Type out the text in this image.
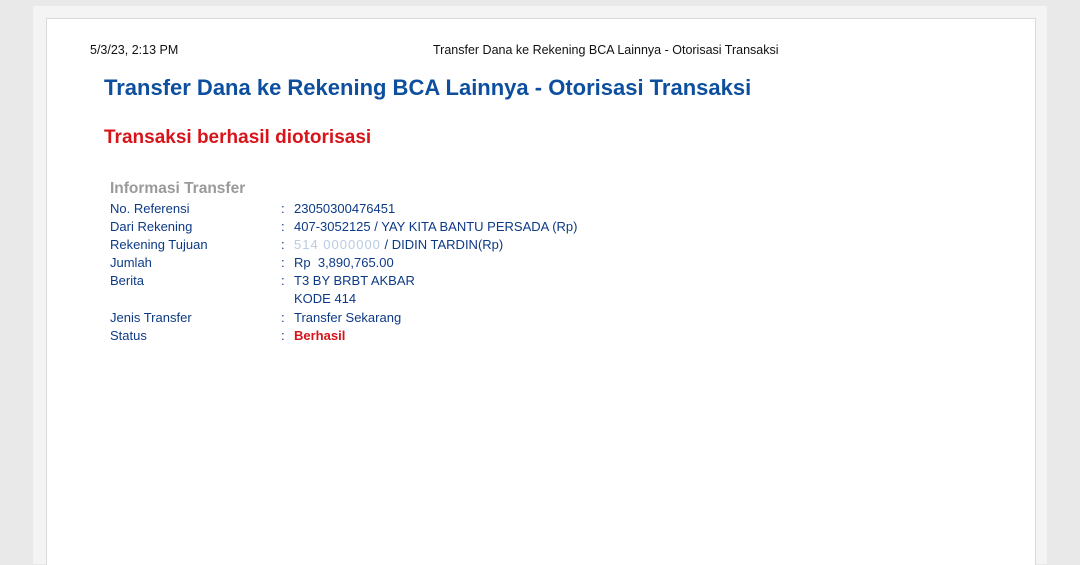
5/3/23, 2:13 PM	Transfer Dana ke Rekening BCA Lainnya - Otorisasi Transaksi
Transfer Dana ke Rekening BCA Lainnya - Otorisasi Transaksi
Transaksi berhasil diotorisasi
Informasi Transfer
No. Referensi	: 23050300476451
Dari Rekening	: 407-3052125 / YAY KITA BANTU PERSADA (Rp)
Rekening Tujuan	: 514 0000000 / DIDIN TARDIN(Rp)
Jumlah	: Rp  3,890,765.00
Berita	: T3 BY BRBT AKBAR
KODE 414
Jenis Transfer	: Transfer Sekarang
Status	: Berhasil
